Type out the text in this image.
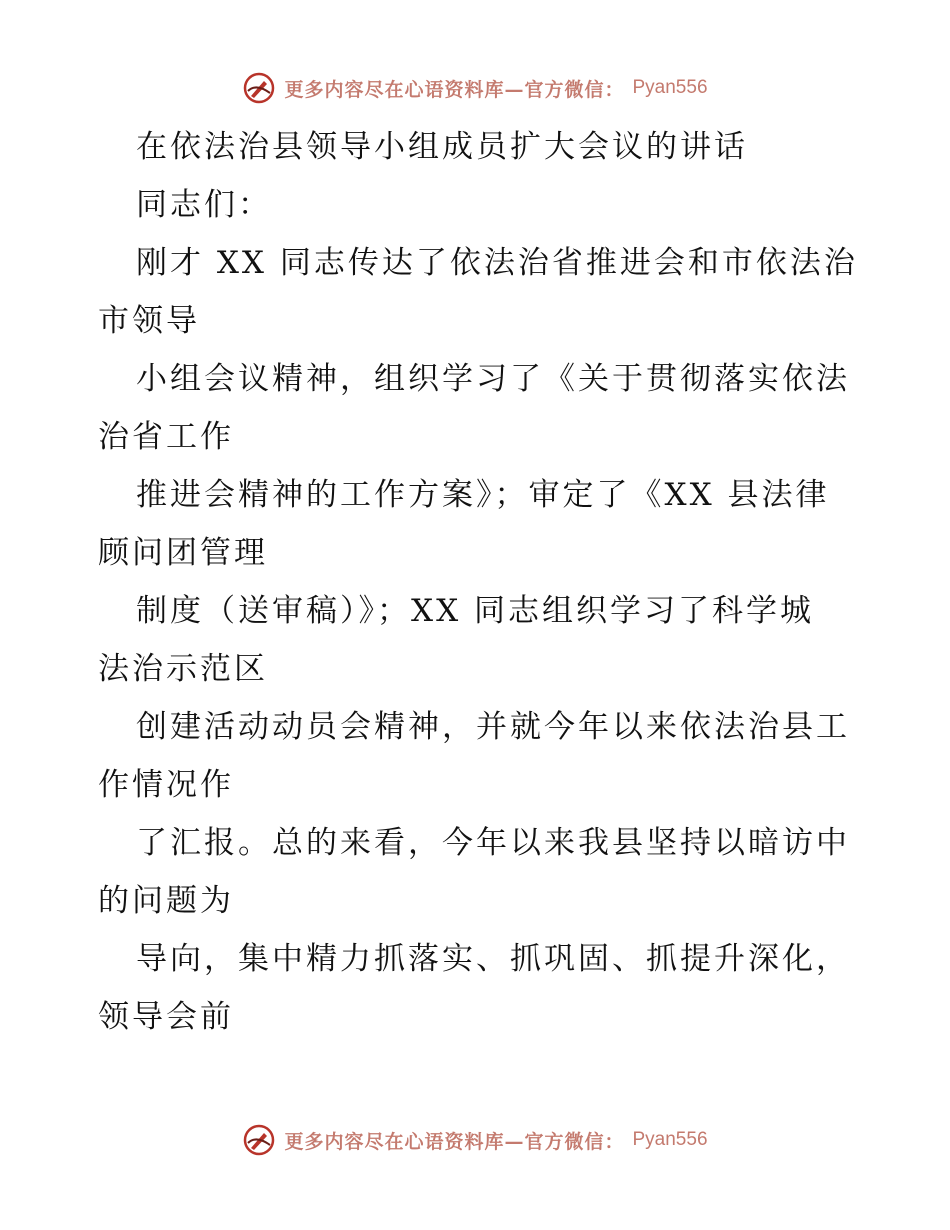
更多内容尽在心语资料库—官方微信： Pyan556
在依法治县领导小组成员扩大会议的讲话
同志们：
刚才 XX 同志传达了依法治省推进会和市依法治
市领导
小组会议精神，组织学习了《关于贯彻落实依法
治省工作
推进会精神的工作方案》；审定了《XX 县法律
顾问团管理
制度（送审稿）》；XX 同志组织学习了科学城
法治示范区
创建活动动员会精神，并就今年以来依法治县工
作情况作
了汇报。总的来看，今年以来我县坚持以暗访中
的问题为
导向，集中精力抓落实、抓巩固、抓提升深化，
领导会前
更多内容尽在心语资料库—官方微信： Pyan556
